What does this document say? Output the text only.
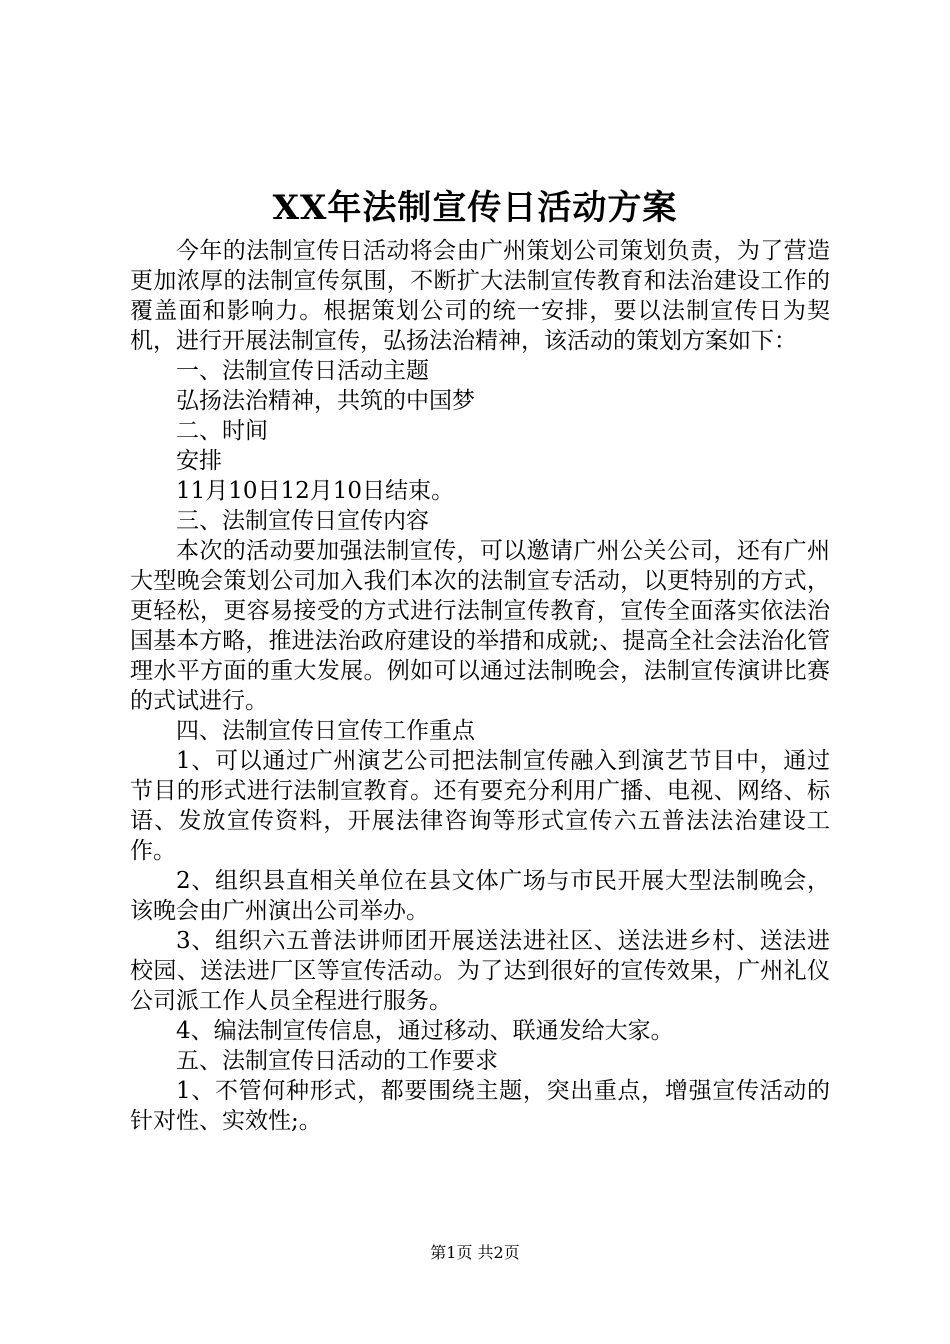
XX年法制宣传日活动方案

今年的法制宣传日活动将会由广州策划公司策划负责，为了营造更加浓厚的法制宣传氛围，不断扩大法制宣传教育和法治建设工作的覆盖面和影响力。根据策划公司的统一安排，要以法制宣传日为契机，进行开展法制宣传，弘扬法治精神，该活动的策划方案如下：

一、法制宣传日活动主题

弘扬法治精神，共筑的中国梦

二、时间

安排

11月10日12月10日结束。

三、法制宣传日宣传内容

本次的活动要加强法制宣传，可以邀请广州公关公司，还有广州大型晚会策划公司加入我们本次的法制宣专活动，以更特别的方式，更轻松，更容易接受的方式进行法制宣传教育，宣传全面落实依法治国基本方略，推进法治政府建设的举措和成就;、提高全社会法治化管理水平方面的重大发展。例如可以通过法制晚会，法制宣传演讲比赛的式试进行。

四、法制宣传日宣传工作重点

1、可以通过广州演艺公司把法制宣传融入到演艺节目中，通过节目的形式进行法制宣教育。还有要充分利用广播、电视、网络、标语、发放宣传资料，开展法律咨询等形式宣传六五普法法治建设工作。

2、组织县直相关单位在县文体广场与市民开展大型法制晚会，该晚会由广州演出公司举办。

3、组织六五普法讲师团开展送法进社区、送法进乡村、送法进校园、送法进厂区等宣传活动。为了达到很好的宣传效果，广州礼仪公司派工作人员全程进行服务。

4、编法制宣传信息，通过移动、联通发给大家。

五、法制宣传日活动的工作要求

1、不管何种形式，都要围绕主题，突出重点，增强宣传活动的针对性、实效性;。

第1页 共2页
